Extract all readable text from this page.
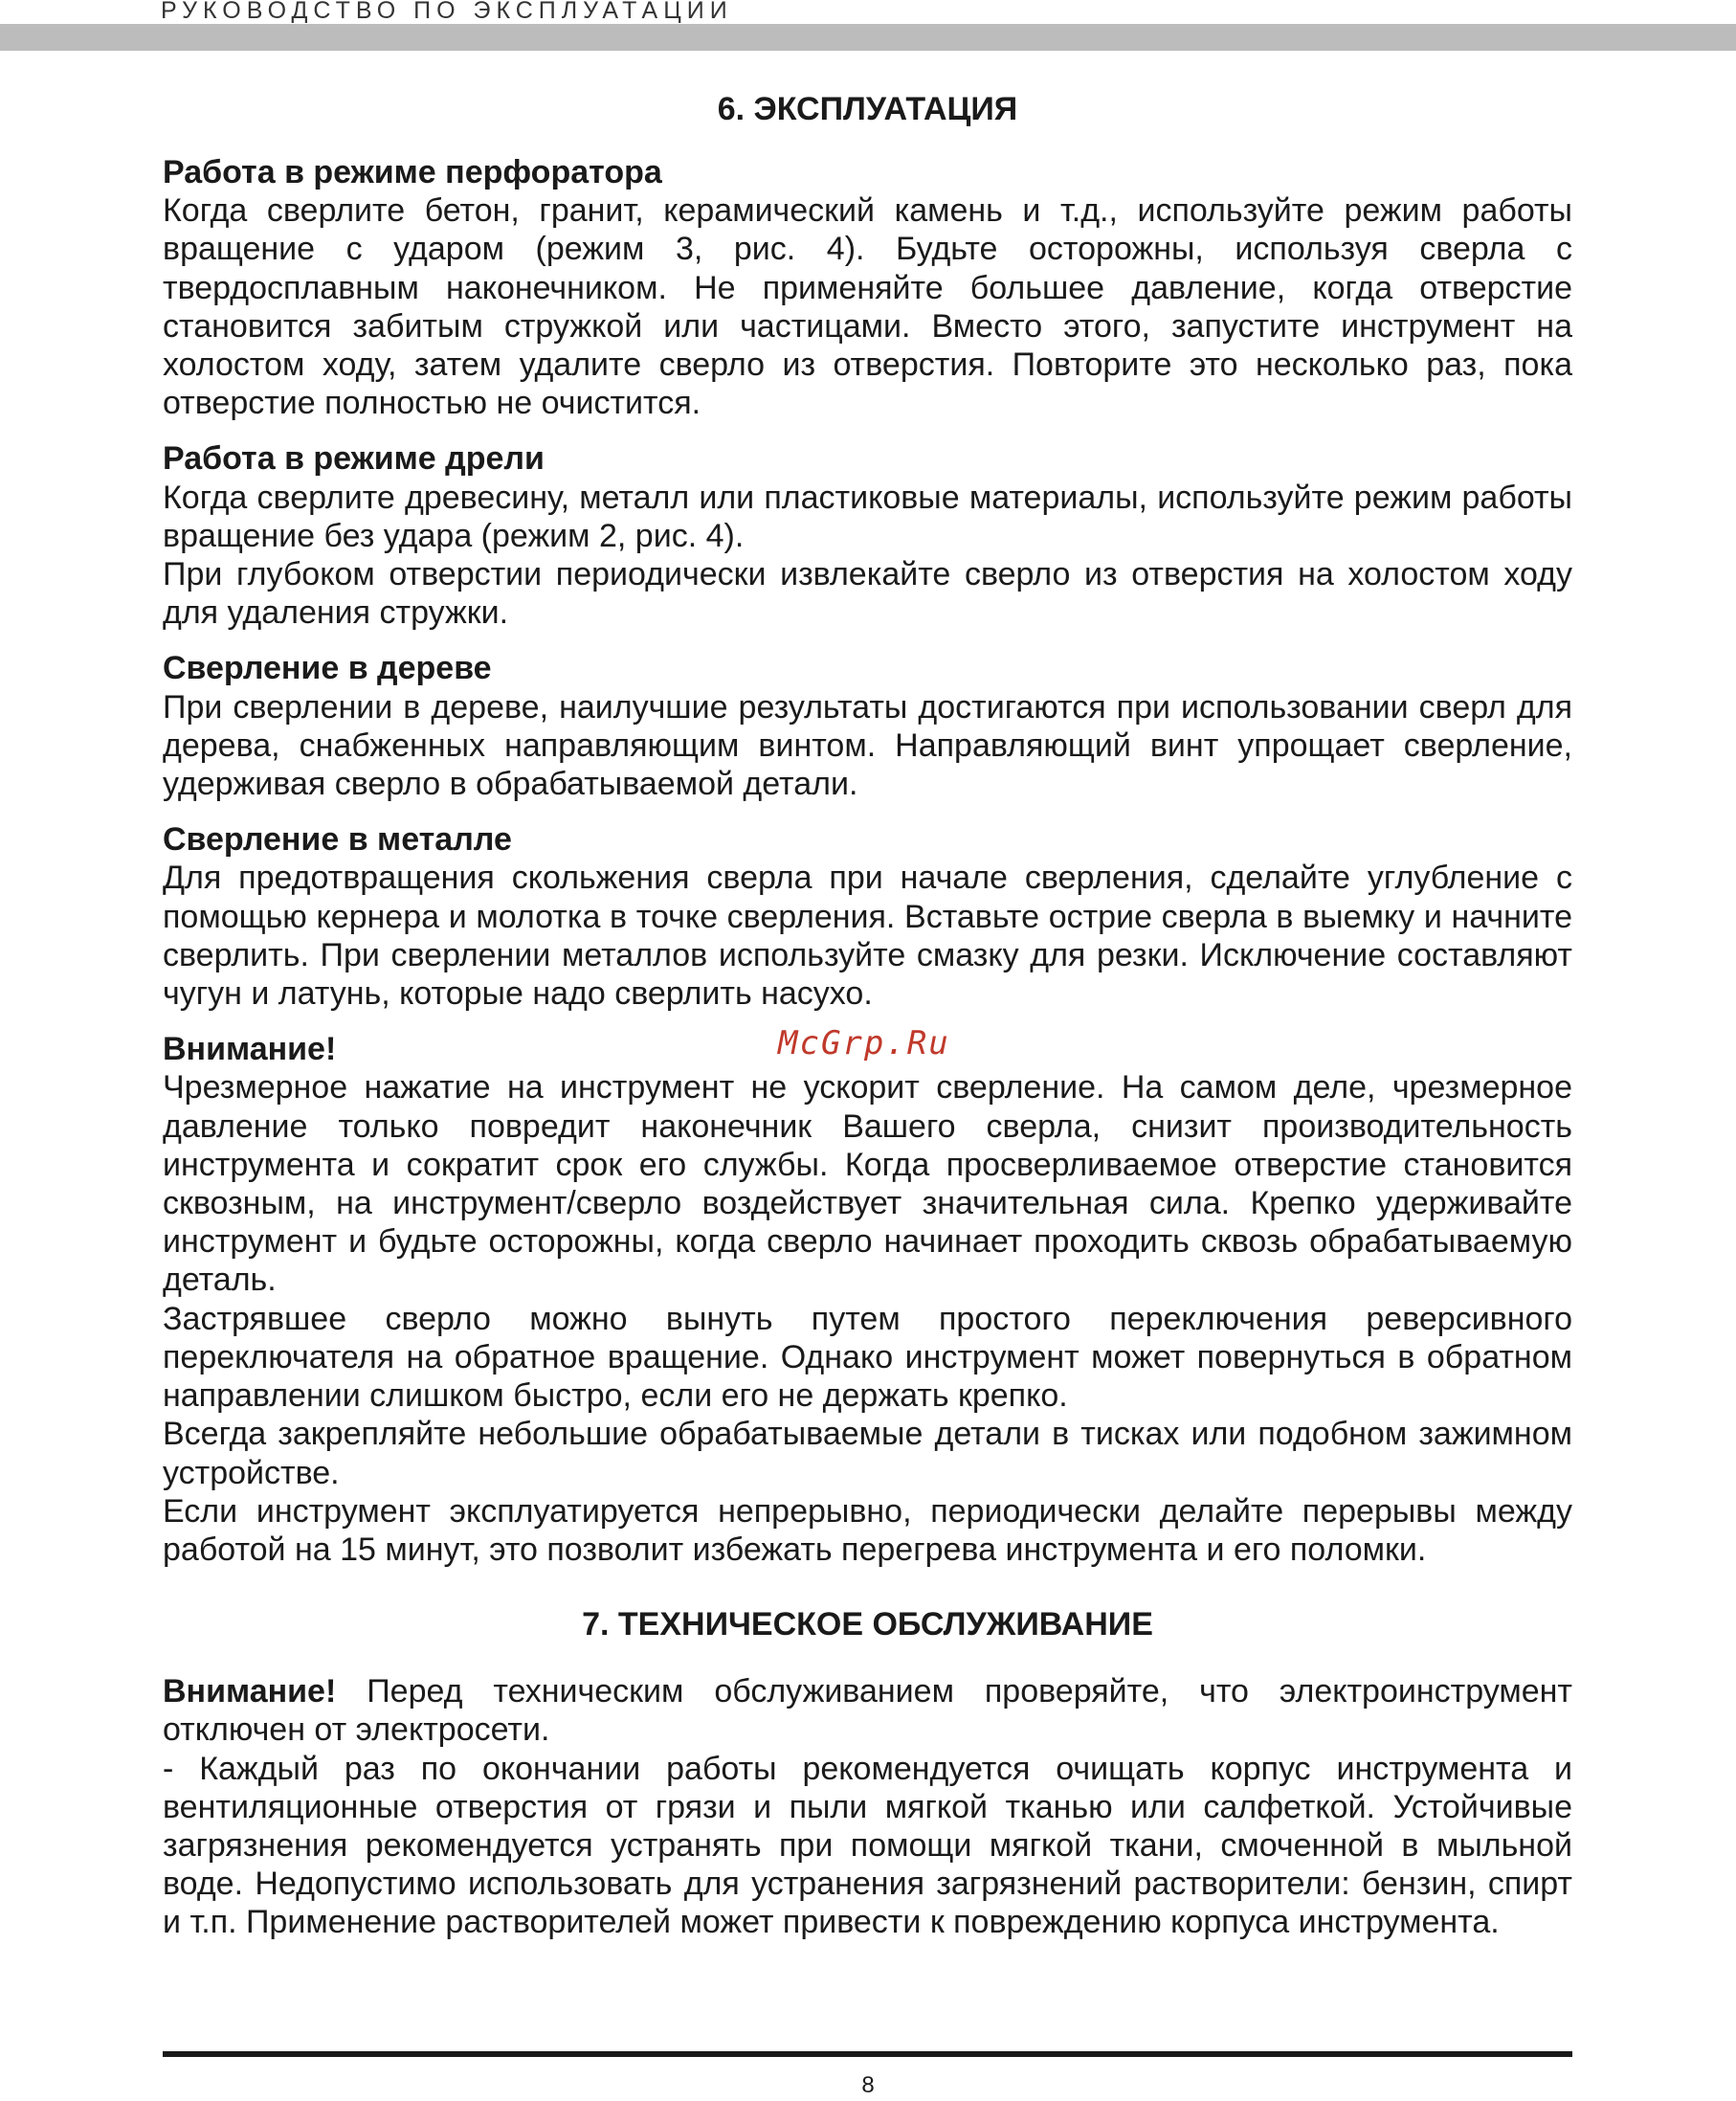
РУКОВОДСТВО ПО ЭКСПЛУАТАЦИИ
6. ЭКСПЛУАТАЦИЯ

Работа в режиме перфоратора

Когда сверлите бетон, гранит, керамический камень и т.д., используйте режим работы вращение с ударом (режим 3, рис. 4). Будьте осторожны, используя сверла с твердосплавным наконечником. Не применяйте большее давление, когда отверстие становится забитым стружкой или частицами. Вместо этого, запустите инструмент на холостом ходу, затем удалите сверло из отверстия. Повторите это несколько раз, пока отверстие полностью не очистится.

Работа в режиме дрели

Когда сверлите древесину, металл или пластиковые материалы, используйте режим работы вращение без удара (режим 2, рис. 4).

При глубоком отверстии периодически извлекайте сверло из отверстия на холостом ходу для удаления стружки.

Сверление в дереве

При сверлении в дереве, наилучшие результаты достигаются при использовании сверл для дерева, снабженных направляющим винтом. Направляющий винт упрощает сверление, удерживая сверло в обрабатываемой детали.

Сверление в металле

Для предотвращения скольжения сверла при начале сверления, сделайте углубление с помощью кернера и молотка в точке сверления. Вставьте острие сверла в выемку и начните сверлить. При сверлении металлов используйте смазку для резки. Исключение составляют чугун и латунь, которые надо сверлить насухо.

Внимание!	McGrp.Ru

Чрезмерное нажатие на инструмент не ускорит сверление. На самом деле, чрезмерное давление только повредит наконечник Вашего сверла, снизит производительность инструмента и сократит срок его службы. Когда просверливаемое отверстие становится сквозным, на инструмент/сверло воздействует значительная сила. Крепко удерживайте инструмент и будьте осторожны, когда сверло начинает проходить сквозь обрабатываемую деталь.

Застрявшее сверло можно вынуть путем простого переключения реверсивного переключателя на обратное вращение. Однако инструмент может повернуться в обратном направлении слишком быстро, если его не держать крепко.

Всегда закрепляйте небольшие обрабатываемые детали в тисках или подобном зажимном устройстве.

Если инструмент эксплуатируется непрерывно, периодически делайте перерывы между работой на 15 минут, это позволит избежать перегрева инструмента и его поломки.

7. ТЕХНИЧЕСКОЕ ОБСЛУЖИВАНИЕ

Внимание! Перед техническим обслуживанием проверяйте, что электроинструмент отключен от электросети.

- Каждый раз по окончании работы рекомендуется очищать корпус инструмента и вентиляционные отверстия от грязи и пыли мягкой тканью или салфеткой. Устойчивые загрязнения рекомендуется устранять при помощи мягкой ткани, смоченной в мыльной воде. Недопустимо использовать для устранения загрязнений растворители: бензин, спирт и т.п. Применение растворителей может привести к повреждению корпуса инструмента.

8
